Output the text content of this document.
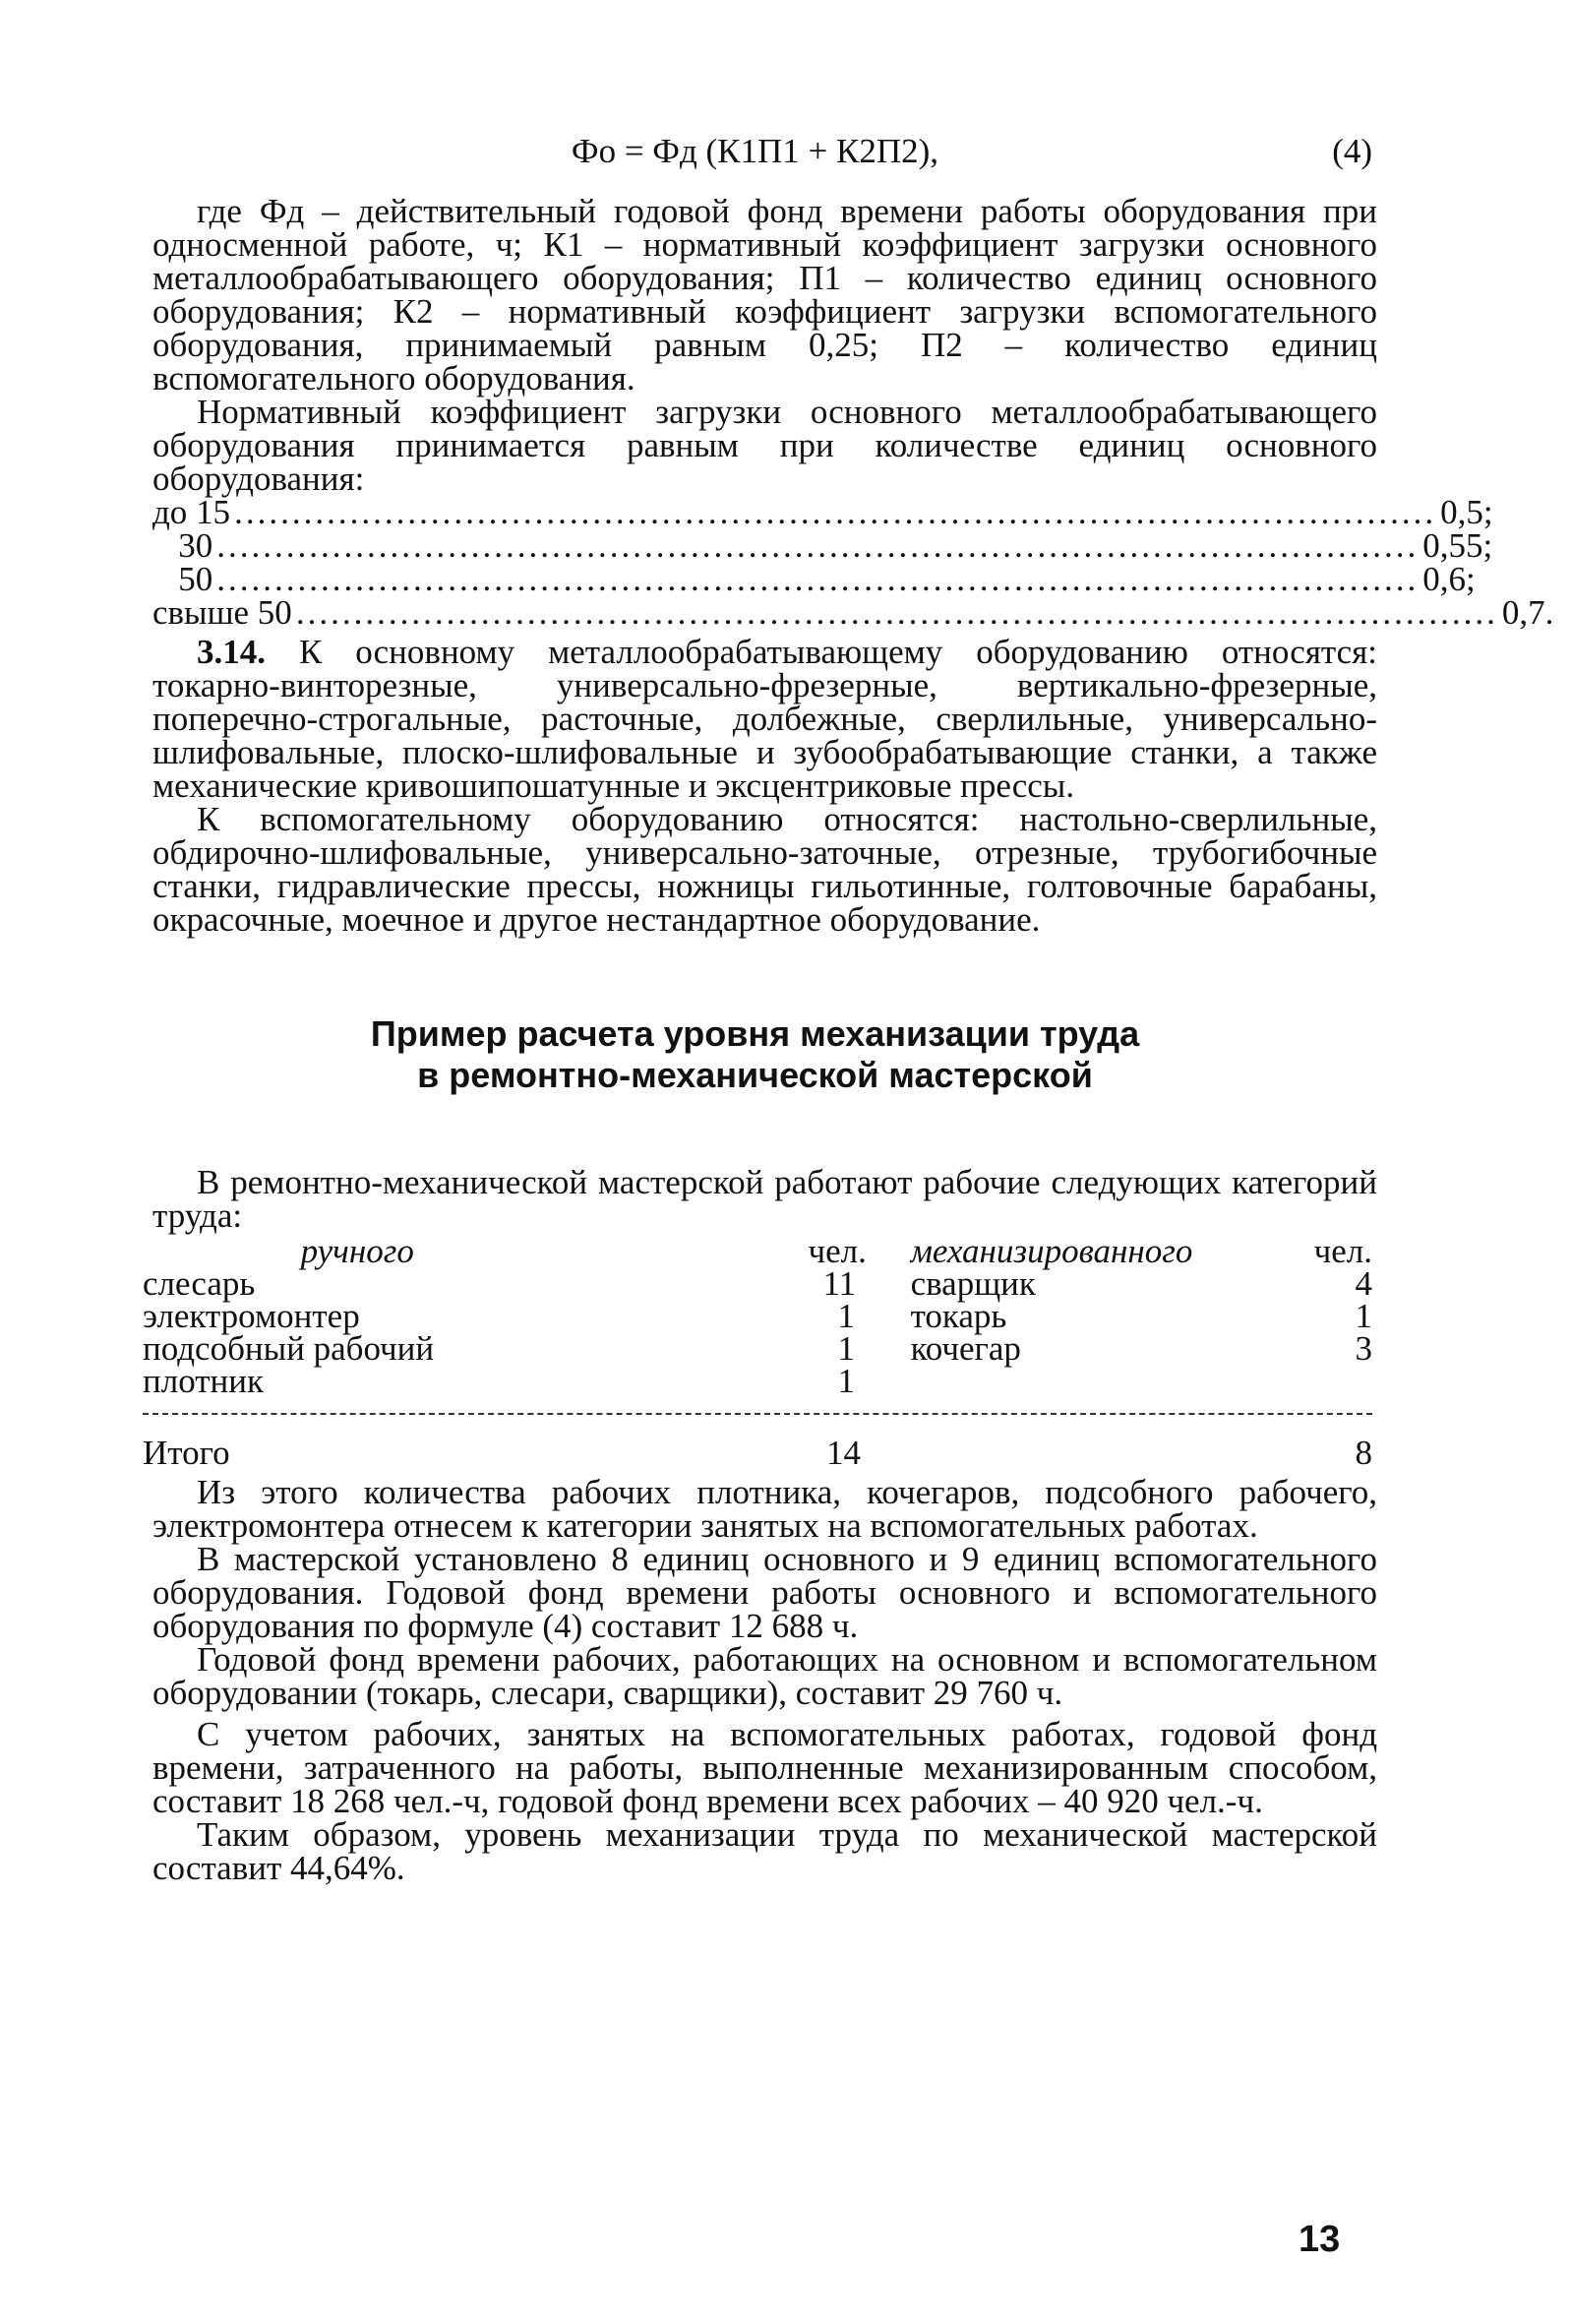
Фо = Фд (К1П1 + К2П2),	(4)

где Фд – действительный годовой фонд времени работы оборудования при односменной работе, ч; К1 – нормативный коэффициент загрузки основного металлообрабатывающего оборудования; П1 – количество единиц основного оборудования; К2 – нормативный коэффициент загрузки вспомогательного оборудования, принимаемый равным 0,25; П2 – количество единиц вспомогательного оборудования.

Нормативный коэффициент загрузки основного металлообрабатывающего оборудования принимается равным при количестве единиц основного оборудования:

до 15 ........................................................................................................ 0,5;
30 ........................................................................................................ 0,55;
50 ........................................................................................................ 0,6;
свыше 50 ........................................................................................................ 0,7.

3.14. К основному металлообрабатывающему оборудованию относятся: токарно-винторезные, универсально-фрезерные, вертикально-фрезерные, поперечно-строгальные, расточные, долбежные, сверлильные, универсально-шлифовальные, плоско-шлифовальные и зубообрабатывающие станки, а также механические кривошипошатунные и эксцентриковые прессы.

К вспомогательному оборудованию относятся: настольно-сверлильные, обдирочно-шлифовальные, универсально-заточные, отрезные, трубогибочные станки, гидравлические прессы, ножницы гильотинные, голтовочные барабаны, окрасочные, моечное и другое нестандартное оборудование.

Пример расчета уровня механизации труда
в ремонтно-механической мастерской

В ремонтно-механической мастерской работают рабочие следующих категорий труда:

ручного	чел.		механизированного	чел.
слесарь	11		сварщик	4
электромонтер	1		токарь	1
подсобный рабочий	1		кочегар	3
плотник	1			
Итого	14			8

Из этого количества рабочих плотника, кочегаров, подсобного рабочего, электромонтера отнесем к категории занятых на вспомогательных работах.

В мастерской установлено 8 единиц основного и 9 единиц вспомогательного оборудования. Годовой фонд времени работы основного и вспомогательного оборудования по формуле (4) составит 12 688 ч.

Годовой фонд времени рабочих, работающих на основном и вспомогательном оборудовании (токарь, слесари, сварщики), составит 29 760 ч.

С учетом рабочих, занятых на вспомогательных работах, годовой фонд времени, затраченного на работы, выполненные механизированным способом, составит 18 268 чел.-ч, годовой фонд времени всех рабочих – 40 920 чел.-ч.

Таким образом, уровень механизации труда по механической мастерской составит 44,64%.

13
